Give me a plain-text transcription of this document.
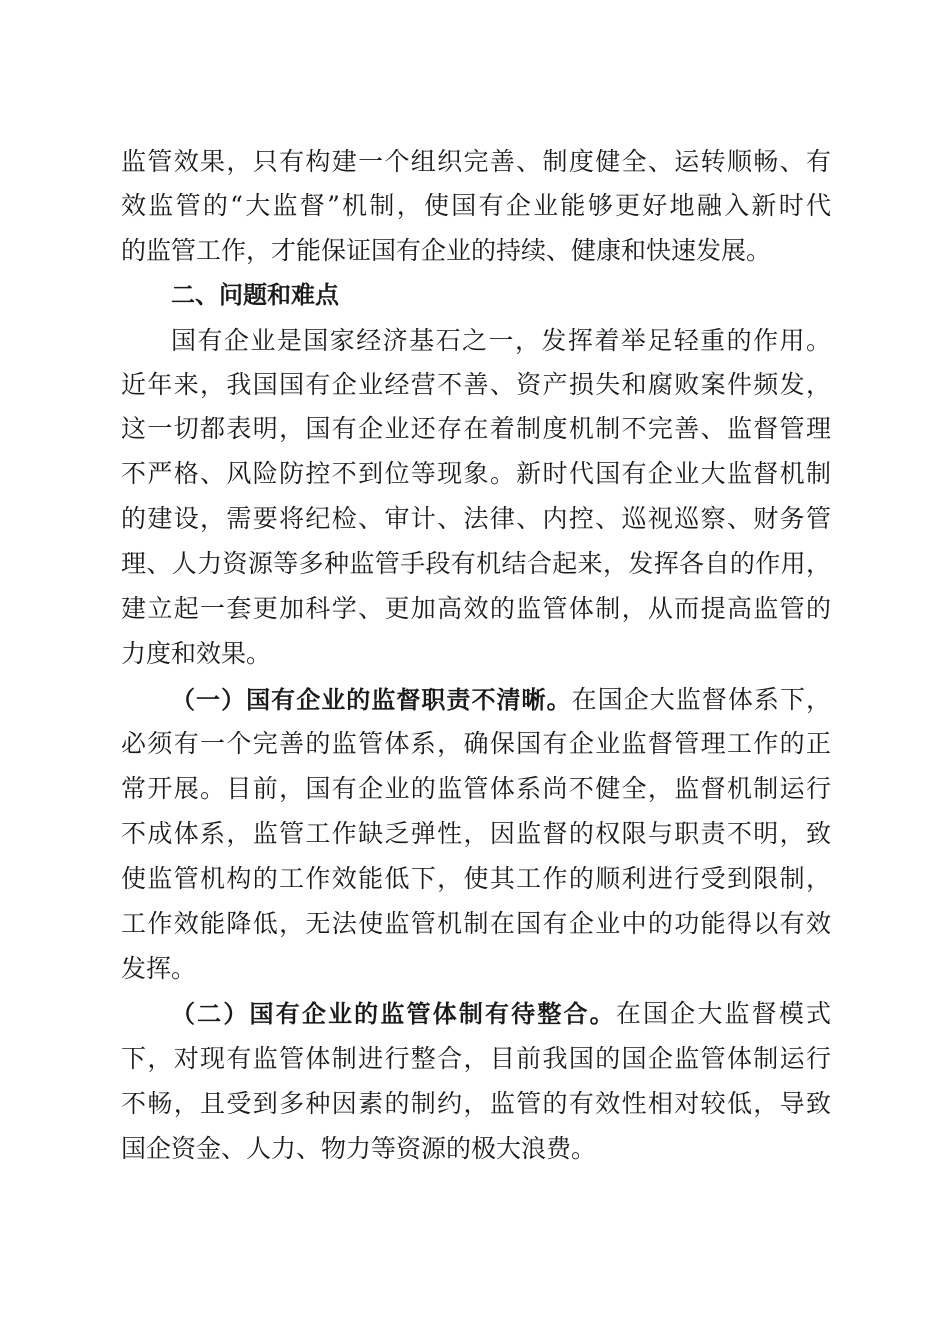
监管效果，只有构建一个组织完善、制度健全、运转顺畅、有

效监管的“大监督”机制，使国有企业能够更好地融入新时代

的监管工作，才能保证国有企业的持续、健康和快速发展。

二、问题和难点

国有企业是国家经济基石之一，发挥着举足轻重的作用。

近年来，我国国有企业经营不善、资产损失和腐败案件频发，

这一切都表明，国有企业还存在着制度机制不完善、监督管理

不严格、风险防控不到位等现象。新时代国有企业大监督机制

的建设，需要将纪检、审计、法律、内控、巡视巡察、财务管

理、人力资源等多种监管手段有机结合起来，发挥各自的作用，

建立起一套更加科学、更加高效的监管体制，从而提高监管的

力度和效果。

（一）国有企业的监督职责不清晰。在国企大监督体系下，

必须有一个完善的监管体系，确保国有企业监督管理工作的正

常开展。目前，国有企业的监管体系尚不健全，监督机制运行

不成体系，监管工作缺乏弹性，因监督的权限与职责不明，致

使监管机构的工作效能低下，使其工作的顺利进行受到限制，

工作效能降低，无法使监管机制在国有企业中的功能得以有效

发挥。

（二）国有企业的监管体制有待整合。在国企大监督模式

下，对现有监管体制进行整合，目前我国的国企监管体制运行

不畅，且受到多种因素的制约，监管的有效性相对较低，导致

国企资金、人力、物力等资源的极大浪费。
